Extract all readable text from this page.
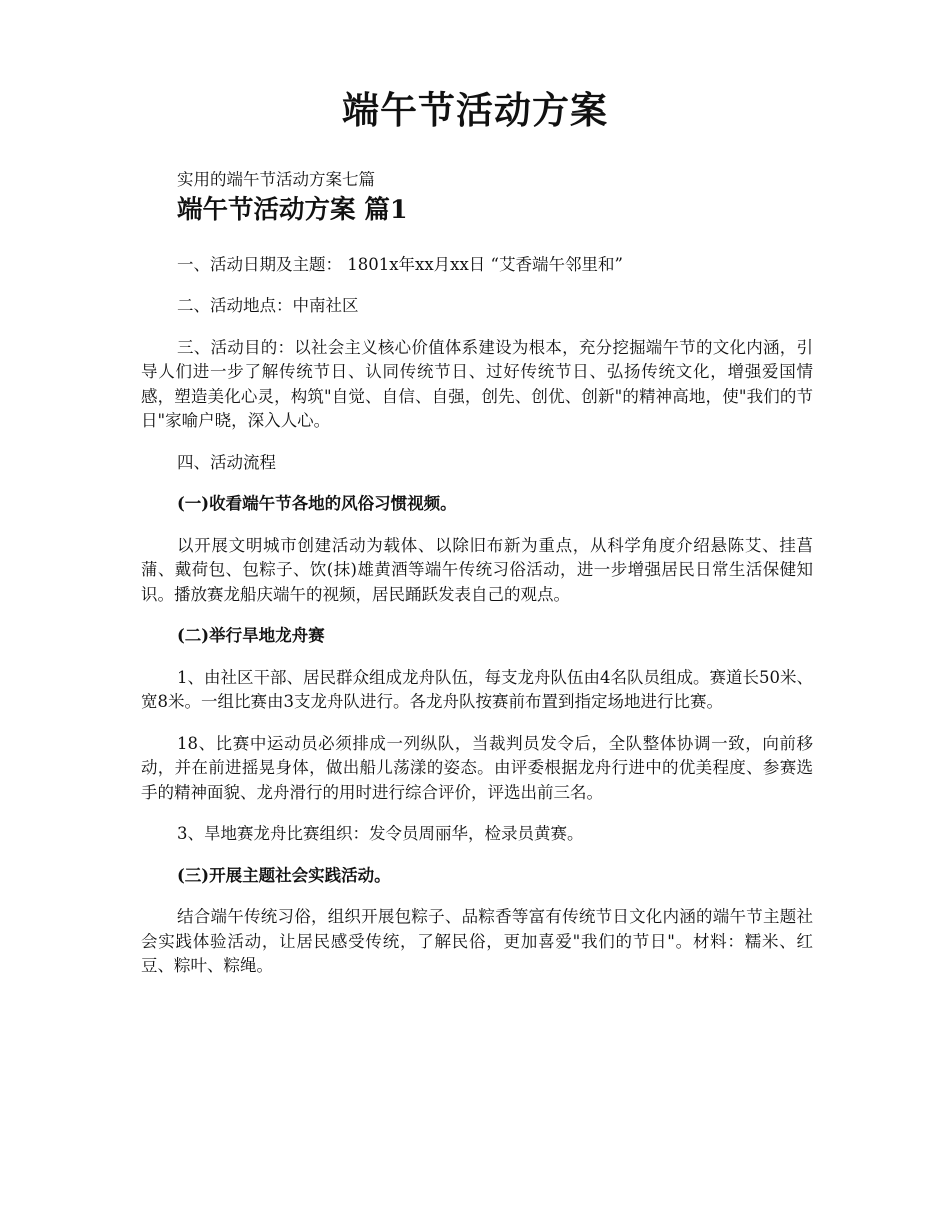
端午节活动方案

实用的端午节活动方案七篇

端午节活动方案 篇1

一、活动日期及主题： 1801x年xx月xx日 “艾香端午邻里和”

二、活动地点：中南社区

三、活动目的：以社会主义核心价值体系建设为根本，充分挖掘端午节的文化内涵，引导人们进一步了解传统节日、认同传统节日、过好传统节日、弘扬传统文化，增强爱国情感，塑造美化心灵，构筑"自觉、自信、自强，创先、创优、创新"的精神高地，使"我们的节日"家喻户晓，深入人心。

四、活动流程

(一)收看端午节各地的风俗习惯视频。

以开展文明城市创建活动为载体、以除旧布新为重点，从科学角度介绍悬陈艾、挂菖蒲、戴荷包、包粽子、饮(抹)雄黄酒等端午传统习俗活动，进一步增强居民日常生活保健知识。播放赛龙船庆端午的视频，居民踊跃发表自己的观点。

(二)举行旱地龙舟赛

1、由社区干部、居民群众组成龙舟队伍，每支龙舟队伍由4名队员组成。赛道长50米、宽8米。一组比赛由3支龙舟队进行。各龙舟队按赛前布置到指定场地进行比赛。

18、比赛中运动员必须排成一列纵队，当裁判员发令后，全队整体协调一致，向前移动，并在前进摇晃身体，做出船儿荡漾的姿态。由评委根据龙舟行进中的优美程度、参赛选手的精神面貌、龙舟滑行的用时进行综合评价，评选出前三名。

3、旱地赛龙舟比赛组织：发令员周丽华，检录员黄赛。

(三)开展主题社会实践活动。

结合端午传统习俗，组织开展包粽子、品粽香等富有传统节日文化内涵的端午节主题社会实践体验活动，让居民感受传统，了解民俗，更加喜爱"我们的节日"。材料：糯米、红豆、粽叶、粽绳。
